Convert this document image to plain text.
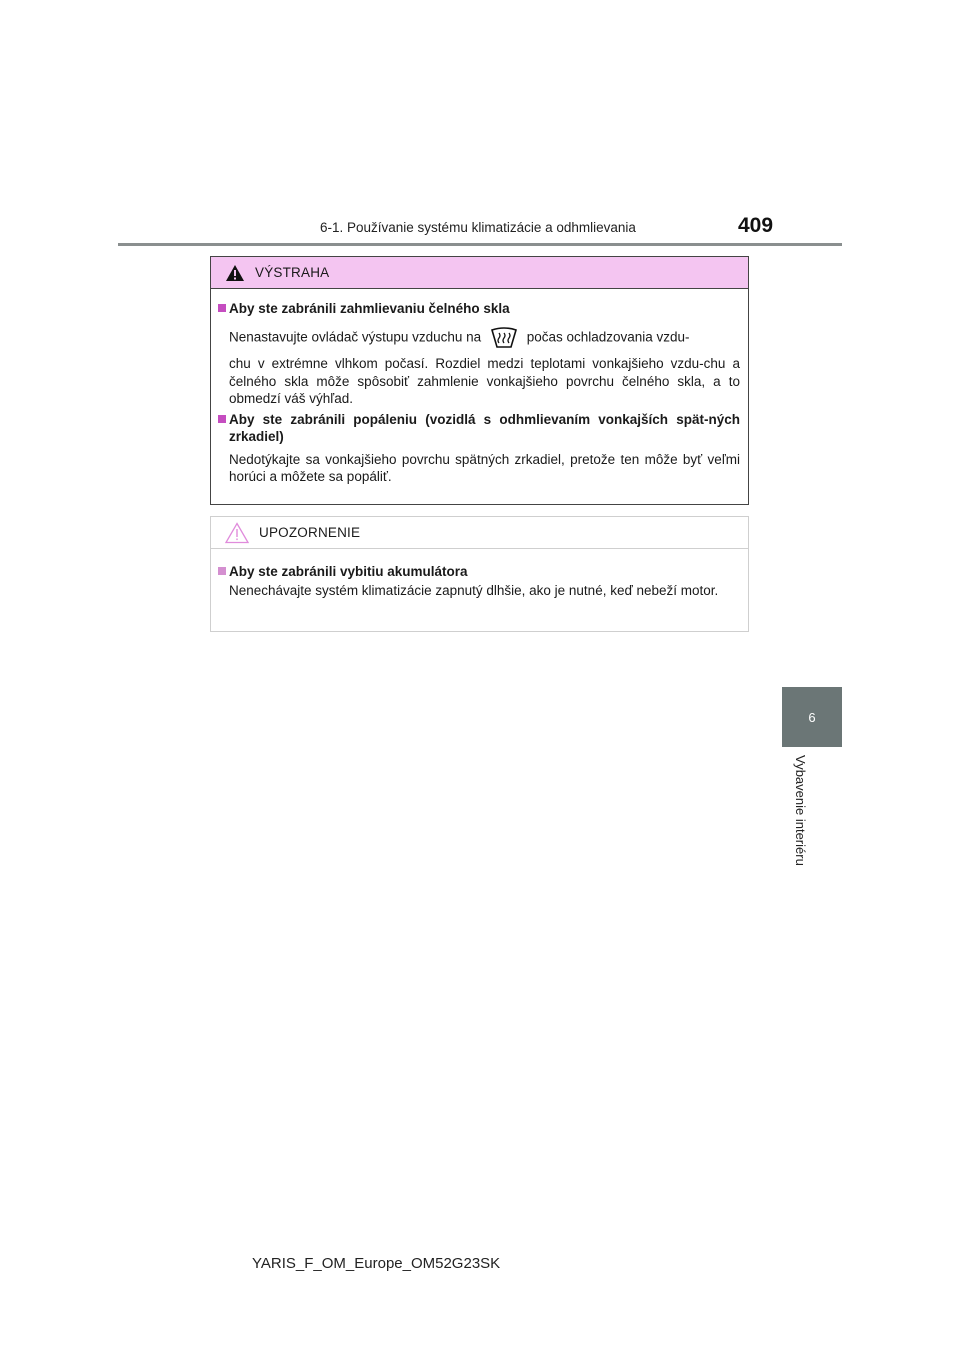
6-1. Používanie systému klimatizácie a odhmlievania	409
6
Vybavenie interiéru
VÝSTRAHA
Aby ste zabránili zahmlievaniu čelného skla
Nenastavujte ovládač výstupu vzduchu na	počas ochladzovania vzdu-
chu v extrémne vlhkom počasí. Rozdiel medzi teplotami vonkajšieho vzdu-chu a čelného skla môže spôsobiť zahmlenie vonkajšieho povrchu čelného skla, a to obmedzí váš výhľad.
Aby ste zabránili popáleniu (vozidlá s odhmlievaním vonkajších spät-ných zrkadiel)
Nedotýkajte sa vonkajšieho povrchu spätných zrkadiel, pretože ten môže byť veľmi horúci a môžete sa popáliť.
UPOZORNENIE
Aby ste zabránili vybitiu akumulátora
Nenechávajte systém klimatizácie zapnutý dlhšie, ako je nutné, keď nebeží motor.
YARIS_F_OM_Europe_OM52G23SK
